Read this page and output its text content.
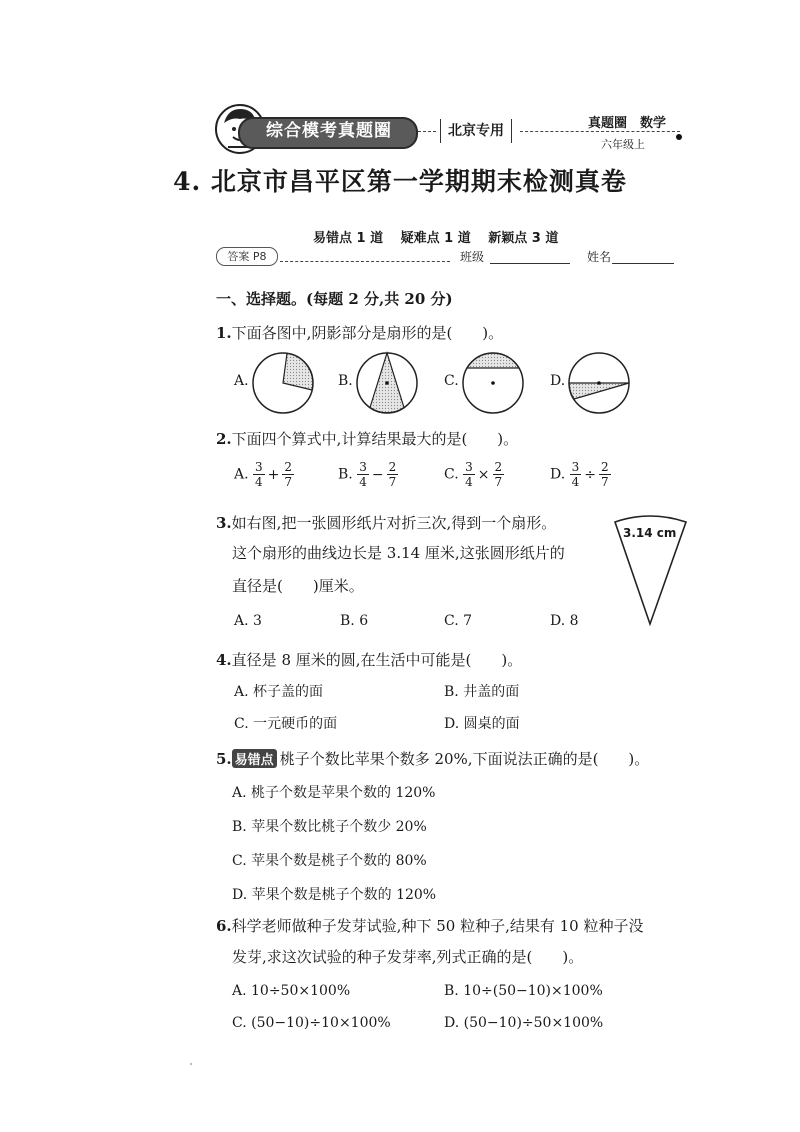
综合模考真题圈	北京专用	真题圈　数学
六年级上
4. 北京市昌平区第一学期期末检测真卷
易错点 1 道　 疑难点 1 道　 新颖点 3 道
答案 P8	班级	姓名
一、选择题。(每题 2 分,共 20 分)
1.下面各图中,阴影部分是扇形的是(　　)。
A.	B.	C.	D.
2.下面四个算式中,计算结果最大的是(　　)。
A. $\frac{3}{4} + \frac{2}{7}$	B. $\frac{3}{4} - \frac{2}{7}$	C. $\frac{3}{4} \times \frac{2}{7}$	D. $\frac{3}{4} \div \frac{2}{7}$
3.如右图,把一张圆形纸片对折三次,得到一个扇形。
这个扇形的曲线边长是 3.14 厘米,这张圆形纸片的
直径是(　　)厘米。
3.14 cm
A. 3	B. 6	C. 7	D. 8
4.直径是 8 厘米的圆,在生活中可能是(　　)。
A. 杯子盖的面	B. 井盖的面
C. 一元硬币的面	D. 圆桌的面
5. 易错点 桃子个数比苹果个数多 20%,下面说法正确的是(　　)。
A. 桃子个数是苹果个数的 120%
B. 苹果个数比桃子个数少 20%
C. 苹果个数是桃子个数的 80%
D. 苹果个数是桃子个数的 120%
6.科学老师做种子发芽试验,种下 50 粒种子,结果有 10 粒种子没
发芽,求这次试验的种子发芽率,列式正确的是(　　)。
A. 10÷50×100%	B. 10÷(50−10)×100%
C. (50−10)÷10×100%	D. (50−10)÷50×100%
